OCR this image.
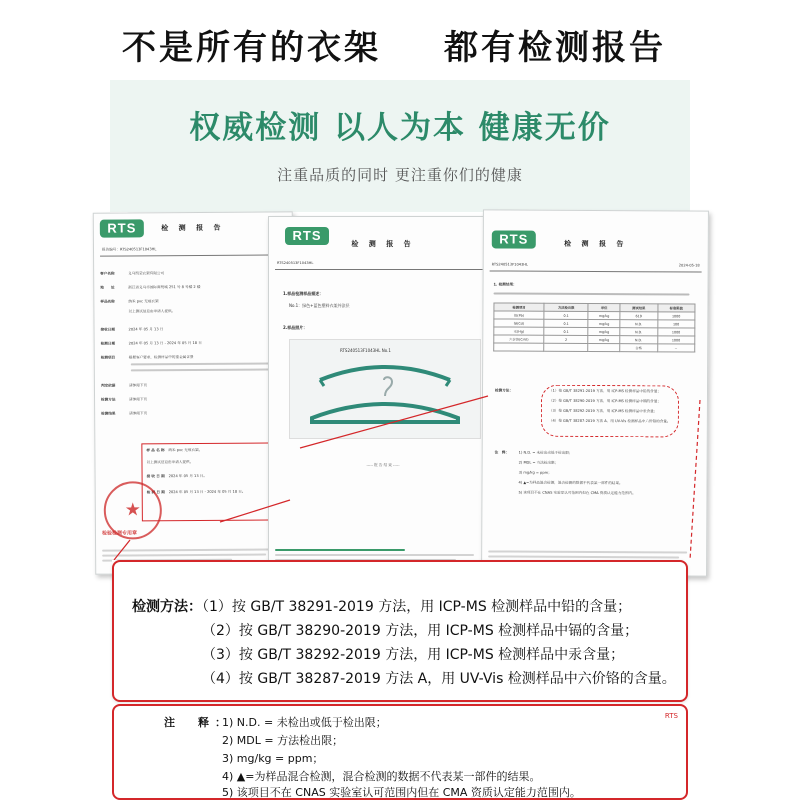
不是所有的衣架 都有检测报告
权威检测 以人为本 健康无价
注重品质的同时 更注重你们的健康
RTS	检 测 报 告
报告编号：RTS240513F1043HL
客户名称	义乌凯莹衣架有限公司
地　　址	浙江省义乌市国际商贸城 251 号 8 号楼 2 楼
样品名称	纳米 pvc 无痕衣架
以上测试信息由申请人提供。
接收日期	2024 年 05 月 13 日
检测日期	2024 年 05 月 13 日 - 2024 年 05 月 18 日
检测项目	根据客户要求，检测样品中的重金属含量
判定依据	请参阅下页
检测方法	请参阅下页
检测结果	请参阅下页
样 品 名 称 纳米 pvc 无痕衣架。
以上测试信息由申请人提供。
接 收 日 期 2024 年 05 月 13 日。
检 测 日 期 2024 年 05 月 13 日 - 2024 年 05 月 18 日。
★
检验检测专用章
RTS
检 测 报 告
RTS240513F1043HL
1.样品检测样品描述：
No.1：绿色+蓝色塑料衣架外涂层
2.样品照片：
RTS240513F1043HL No.1
----- 报 告 结 束 -----
RTS	检 测 报 告
RTS240513F1043HL	2024-05-18
1. 检测结果：
检测项目	方法检出限	单位	测试结果	标准限值
铅(Pb)	0.1	mg/kg	619	1000
镉(Cd)	0.1	mg/kg	N.D.	100
汞(Hg)	0.1	mg/kg	N.D.	1000
六价铬(CrVI)	2	mg/kg	N.D.	1000
			合格	--
检测方法：	（1）按 GB/T 38291-2019 方法，用 ICP-MS 检测样品中铅的含量；
（2）按 GB/T 38290-2019 方法，用 ICP-MS 检测样品中镉的含量；
（3）按 GB/T 38292-2019 方法，用 ICP-MS 检测样品中汞含量；
（4）按 GB/T 38287-2019 方法 A，用 UV-Vis 检测样品中六价铬的含量。
注　释：	1) N.D. = 未检出或低于检出限；
2) MDL = 方法检出限；
3) mg/kg = ppm；
4) ▲=为样品混合检测，混合检测的数据不代表某一部件的结果。
5) 该项目不在 CNAS 实验室认可范围内但在 CMA 资质认定能力范围内。
检测方法：（1）按 GB/T 38291-2019 方法，用 ICP-MS 检测样品中铅的含量；
（2）按 GB/T 38290-2019 方法，用 ICP-MS 检测样品中镉的含量；
（3）按 GB/T 38292-2019 方法，用 ICP-MS 检测样品中汞含量；
（4）按 GB/T 38287-2019 方法 A，用 UV-Vis 检测样品中六价铬的含量。
RTS
注　释：
1) N.D. = 未检出或低于检出限；
2) MDL = 方法检出限；
3) mg/kg = ppm；
4) ▲=为样品混合检测，混合检测的数据不代表某一部件的结果。
5) 该项目不在 CNAS 实验室认可范围内但在 CMA 资质认定能力范围内。
